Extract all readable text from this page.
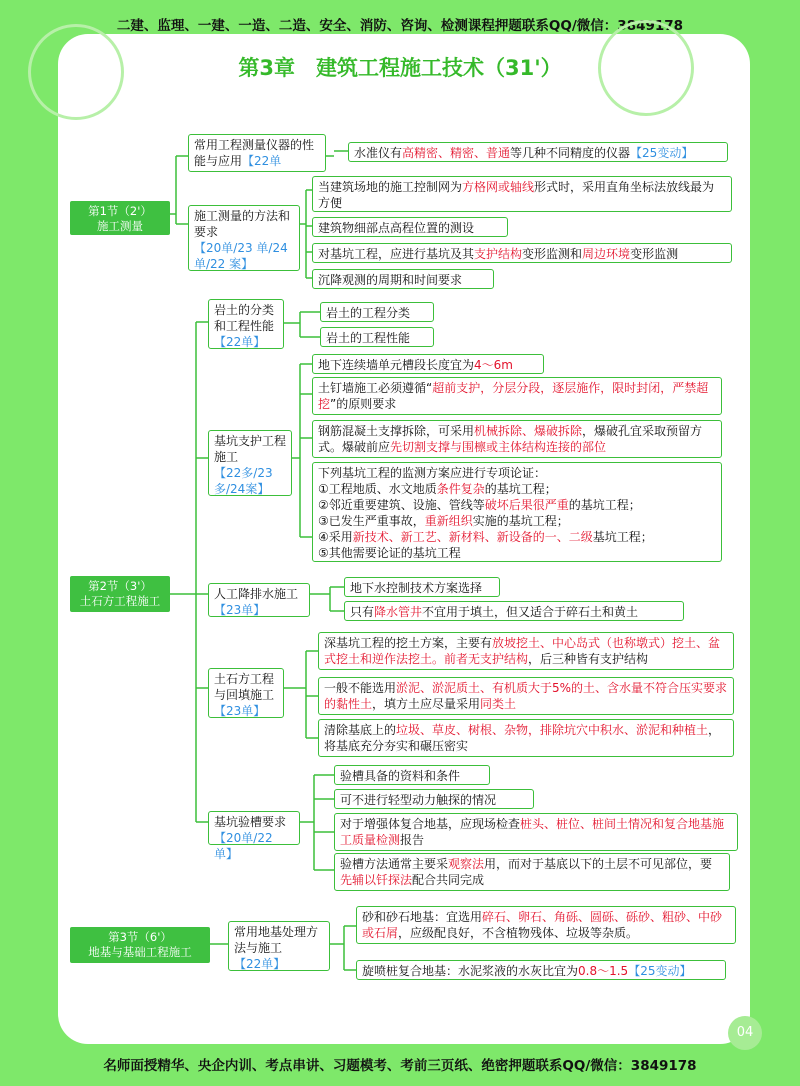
二建、监理、一建、一造、二造、安全、消防、咨询、检测课程押题联系QQ/微信：3849178
第3章　建筑工程施工技术（31'）
第1节（2'）
施工测量
第2节（3'）
土石方工程施工
第3节（6'）
地基与基础工程施工
常用工程测量仪器的性能与应用【22单
施工测量的方法和要求
【20单/23 单/24单/22 案】
水准仪有高精密、精密、普通等几种不同精度的仪器【25变动】
当建筑场地的施工控制网为方格网或轴线形式时，采用直角坐标法放线最为方便
建筑物细部点高程位置的测设
对基坑工程，应进行基坑及其支护结构变形监测和周边环境变形监测
沉降观测的周期和时间要求
岩土的分类和工程性能
【22单】
岩土的工程分类
岩土的工程性能
基坑支护工程施工
【22多/23多/24案】
地下连续墙单元槽段长度宜为4～6m
土钉墙施工必须遵循“超前支护，分层分段，逐层施作，限时封闭，严禁超挖”的原则要求
钢筋混凝土支撑拆除，可采用机械拆除、爆破拆除，爆破孔宜采取预留方式。爆破前应先切割支撑与围檩或主体结构连接的部位
下列基坑工程的监测方案应进行专项论证：
①工程地质、水文地质条件复杂的基坑工程；
②邻近重要建筑、设施、管线等破坏后果很严重的基坑工程；
③已发生严重事故，重新组织实施的基坑工程；
④采用新技术、新工艺、新材料、新设备的一、二级基坑工程；
⑤其他需要论证的基坑工程
人工降排水施工
【23单】
地下水控制技术方案选择
只有降水管井不宜用于填土，但又适合于碎石土和黄土
土石方工程与回填施工
【23单】
深基坑工程的挖土方案，主要有放坡挖土、中心岛式（也称墩式）挖土、盆式挖土和逆作法挖土。前者无支护结构，后三种皆有支护结构
一般不能选用淤泥、淤泥质土、有机质大于5%的土、含水量不符合压实要求的黏性土，填方土应尽量采用同类土
清除基底上的垃圾、草皮、树根、杂物，排除坑穴中积水、淤泥和种植土，将基底充分夯实和碾压密实
基坑验槽要求
【20单/22 单】
验槽具备的资料和条件
可不进行轻型动力触探的情况
对于增强体复合地基，应现场检查桩头、桩位、桩间土情况和复合地基施工质量检测报告
验槽方法通常主要采观察法用，而对于基底以下的土层不可见部位，要先辅以钎探法配合共同完成
常用地基处理方法与施工
【22单】
砂和砂石地基：宜选用碎石、卵石、角砾、圆砾、砾砂、粗砂、中砂或石屑，应级配良好，不含植物残体、垃圾等杂质。
旋喷桩复合地基：水泥浆液的水灰比宜为0.8～1.5【25变动】
04
名师面授精华、央企内训、考点串讲、习题模考、考前三页纸、绝密押题联系QQ/微信：3849178
